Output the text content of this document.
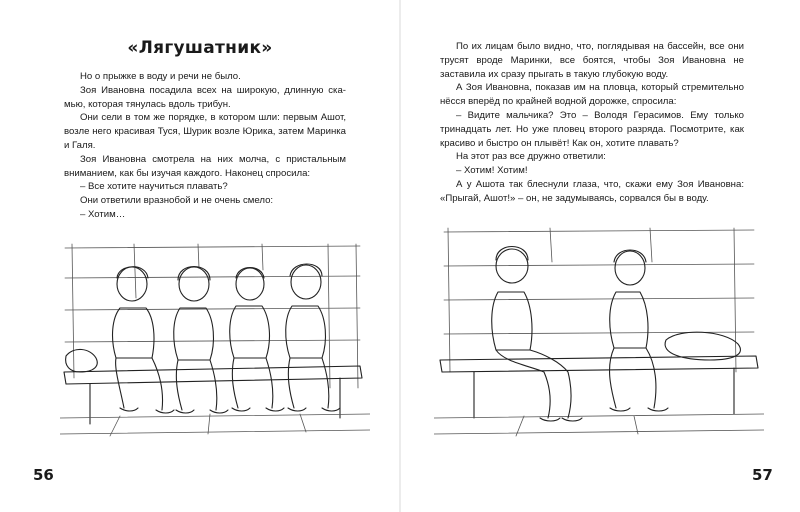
«Лягушатник»

Но о прыжке в воду и речи не было.

Зоя Ивановна посадила всех на широкую, длинную скамью, которая тянулась вдоль трибун.

Они сели в том же порядке, в котором шли: первым Ашот, возле него красивая Туся, Шурик возле Юрика, затем Маринка и Галя.

Зоя Ивановна смотрела на них молча, с пристальным вниманием, как бы изучая каждого. Наконец спросила:

– Все хотите научиться плавать?

Они ответили вразнобой и не очень смело:

– Хотим…

56

По их лицам было видно, что, поглядывая на бассейн, все они трусят вроде Маринки, все боятся, чтобы Зоя Ивановна не заставила их сразу прыгать в такую глубокую воду.

А Зоя Ивановна, показав им на пловца, который стремительно нёсся вперёд по крайней водной дорожке, спросила:

– Видите мальчика? Это – Володя Герасимов. Ему только тринадцать лет. Но уже пловец второго разряда. Посмотрите, как красиво и быстро он плывёт! Как он, хотите плавать?

На этот раз все дружно ответили:

– Хотим! Хотим!

А у Ашота так блеснули глаза, что, скажи ему Зоя Ивановна: «Прыгай, Ашот!» – он, не задумываясь, сорвался бы в воду.

57
